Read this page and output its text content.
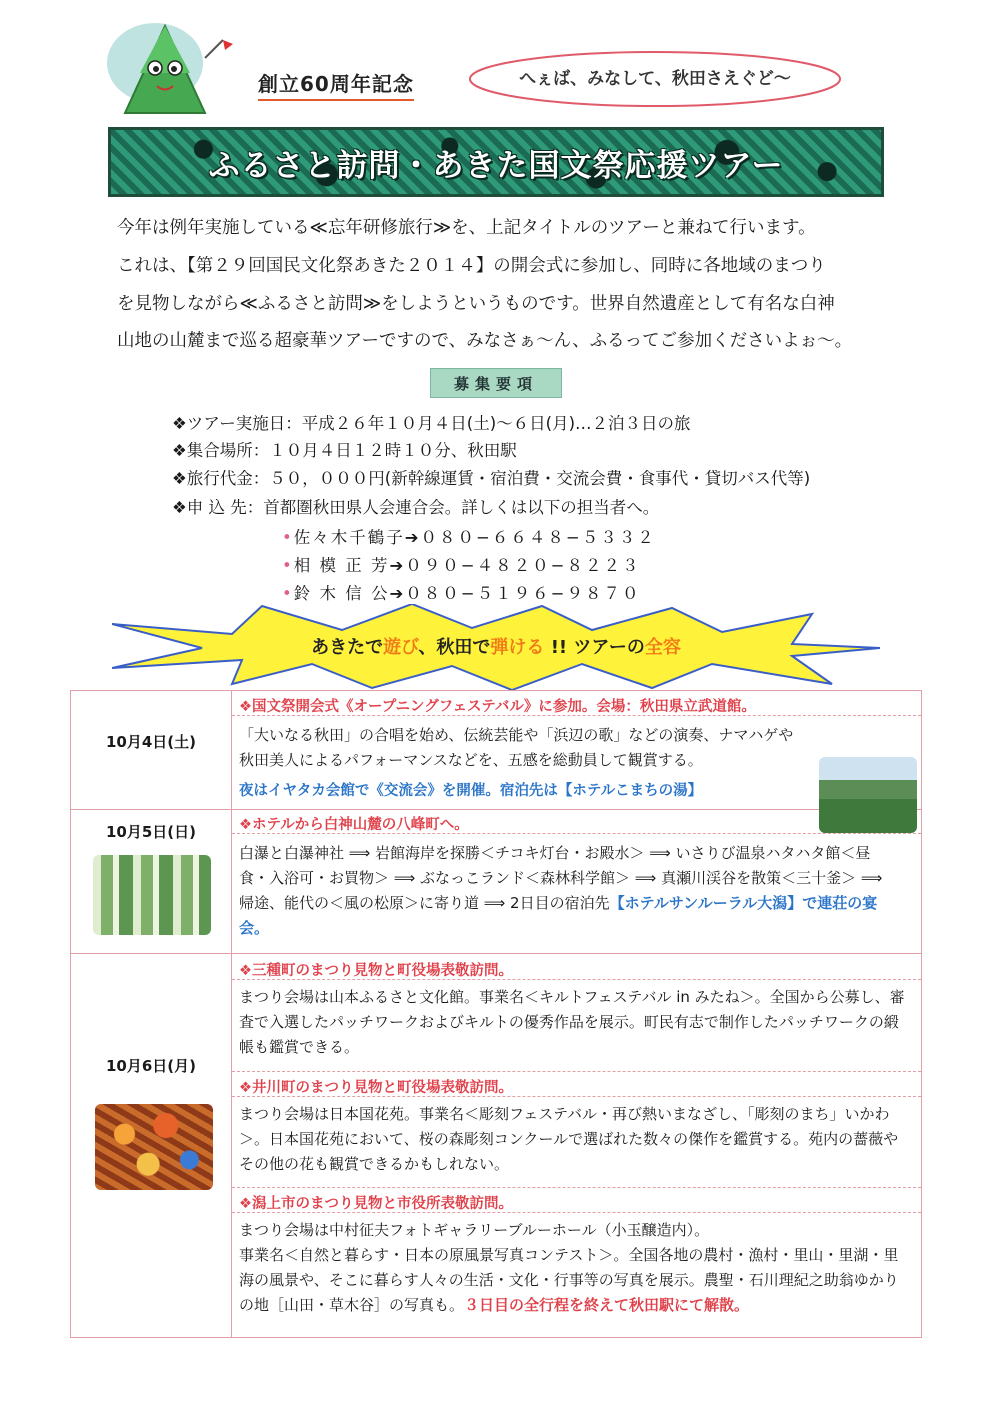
創立60周年記念	へぇば、みなして、秋田さえぐど〜
ふるさと訪問・あきた国文祭応援ツアー
今年は例年実施している≪忘年研修旅行≫を、上記タイトルのツアーと兼ねて行います。
これは、【第２９回国民文化祭あきた２０１４】の開会式に参加し、同時に各地域のまつり
を見物しながら≪ふるさと訪問≫をしようというものです。世界自然遺産として有名な白神
山地の山麓まで巡る超豪華ツアーですので、みなさぁ〜ん、ふるってご参加くださいよぉ〜。
募集要項
❖ツアー実施日：平成２６年１０月４日(土)〜６日(月)…２泊３日の旅
❖集合場所：１０月４日１２時１０分、秋田駅
❖旅行代金：５０，０００円(新幹線運賃・宿泊費・交流会費・食事代・貸切バス代等)
❖申 込 先：首都圏秋田県人会連合会。詳しくは以下の担当者へ。
•佐々木千鶴子➔０８０−６６４８−５３３２
•相 模 正 芳➔０９０−４８２０−８２２３
•鈴 木 信 公➔０８０−５１９６−９８７０
あきたで遊び、秋田で弾ける !! ツアーの全容
10月4日(土)
❖国文祭開会式《オープニングフェステバル》に参加。会場：秋田県立武道館。
「大いなる秋田」の合唱を始め、伝統芸能や「浜辺の歌」などの演奏、ナマハゲや秋田美人によるパフォーマンスなどを、五感を総動員して観賞する。
夜はイヤタカ会館で《交流会》を開催。宿泊先は【ホテルこまちの湯】
10月5日(日)	❖ホテルから白神山麓の八峰町へ。
白瀑と白瀑神社 ⟹ 岩館海岸を探勝＜チコキ灯台・お殿水＞ ⟹ いさりび温泉ハタハタ館＜昼食・入浴可・お買物＞ ⟹ ぶなっこランド＜森林科学館＞ ⟹ 真瀬川渓谷を散策＜三十釜＞ ⟹ 帰途、能代の＜風の松原＞に寄り道 ⟹ 2日目の宿泊先【ホテルサンルーラル大潟】で連荘の宴会。
10月6日(月)
❖三種町のまつり見物と町役場表敬訪問。
まつり会場は山本ふるさと文化館。事業名＜キルトフェステバル in みたね＞。全国から公募し、審査で入選したパッチワークおよびキルトの優秀作品を展示。町民有志で制作したパッチワークの緞帳も鑑賞できる。
❖井川町のまつり見物と町役場表敬訪問。
まつり会場は日本国花苑。事業名＜彫刻フェステバル・再び熱いまなざし、「彫刻のまち」いかわ＞。日本国花苑において、桜の森彫刻コンクールで選ばれた数々の傑作を鑑賞する。苑内の薔薇やその他の花も観賞できるかもしれない。
❖潟上市のまつり見物と市役所表敬訪問。
まつり会場は中村征夫フォトギャラリーブルーホール（小玉醸造内）。
事業名＜自然と暮らす・日本の原風景写真コンテスト＞。全国各地の農村・漁村・里山・里湖・里海の風景や、そこに暮らす人々の生活・文化・行事等の写真を展示。農聖・石川理紀之助翁ゆかりの地［山田・草木谷］の写真も。３日目の全行程を終えて秋田駅にて解散。
